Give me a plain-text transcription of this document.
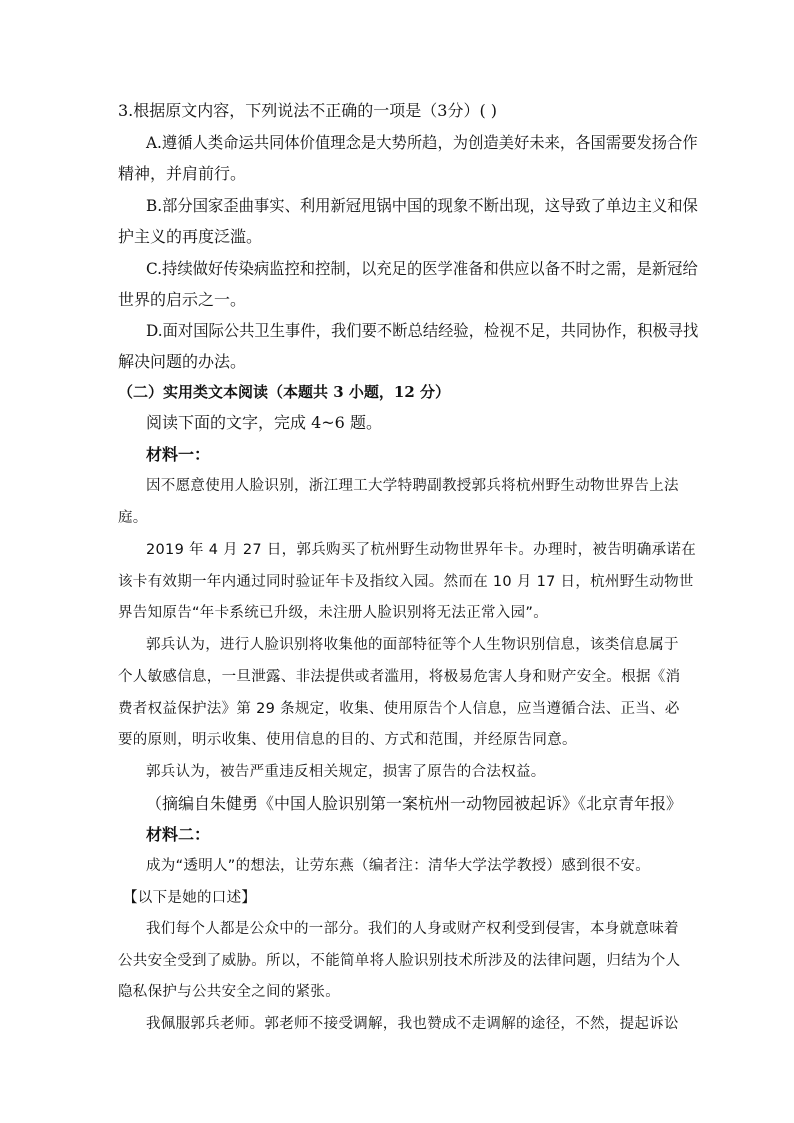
3.根据原文内容，下列说法不正确的一项是（3分）( )
A.遵循人类命运共同体价值理念是大势所趋，为创造美好未来，各国需要发扬合作
精神，并肩前行。
B.部分国家歪曲事实、利用新冠甩锅中国的现象不断出现，这导致了单边主义和保
护主义的再度泛滥。
C.持续做好传染病监控和控制，以充足的医学准备和供应以备不时之需，是新冠给
世界的启示之一。
D.面对国际公共卫生事件，我们要不断总结经验，检视不足，共同协作，积极寻找
解决问题的办法。
（二）实用类文本阅读（本题共 3 小题，12 分）
阅读下面的文字，完成 4~6 题。
材料一：
因不愿意使用人脸识别，浙江理工大学特聘副教授郭兵将杭州野生动物世界告上法
庭。
2019 年 4 月 27 日，郭兵购买了杭州野生动物世界年卡。办理时，被告明确承诺在
该卡有效期一年内通过同时验证年卡及指纹入园。然而在 10 月 17 日，杭州野生动物世
界告知原告“年卡系统已升级，未注册人脸识别将无法正常入园”。
郭兵认为，进行人脸识别将收集他的面部特征等个人生物识别信息，该类信息属于
个人敏感信息，一旦泄露、非法提供或者滥用，将极易危害人身和财产安全。根据《消
费者权益保护法》第 29 条规定，收集、使用原告个人信息，应当遵循合法、正当、必
要的原则，明示收集、使用信息的目的、方式和范围，并经原告同意。
郭兵认为，被告严重违反相关规定，损害了原告的合法权益。
（摘编自朱健勇《中国人脸识别第一案杭州一动物园被起诉》《北京青年报》
材料二：
成为“透明人”的想法，让劳东燕（编者注：清华大学法学教授）感到很不安。
【以下是她的口述】
我们每个人都是公众中的一部分。我们的人身或财产权利受到侵害，本身就意味着
公共安全受到了威胁。所以，不能简单将人脸识别技术所涉及的法律问题，归结为个人
隐私保护与公共安全之间的紧张。
我佩服郭兵老师。郭老师不接受调解，我也赞成不走调解的途径，不然，提起诉讼
